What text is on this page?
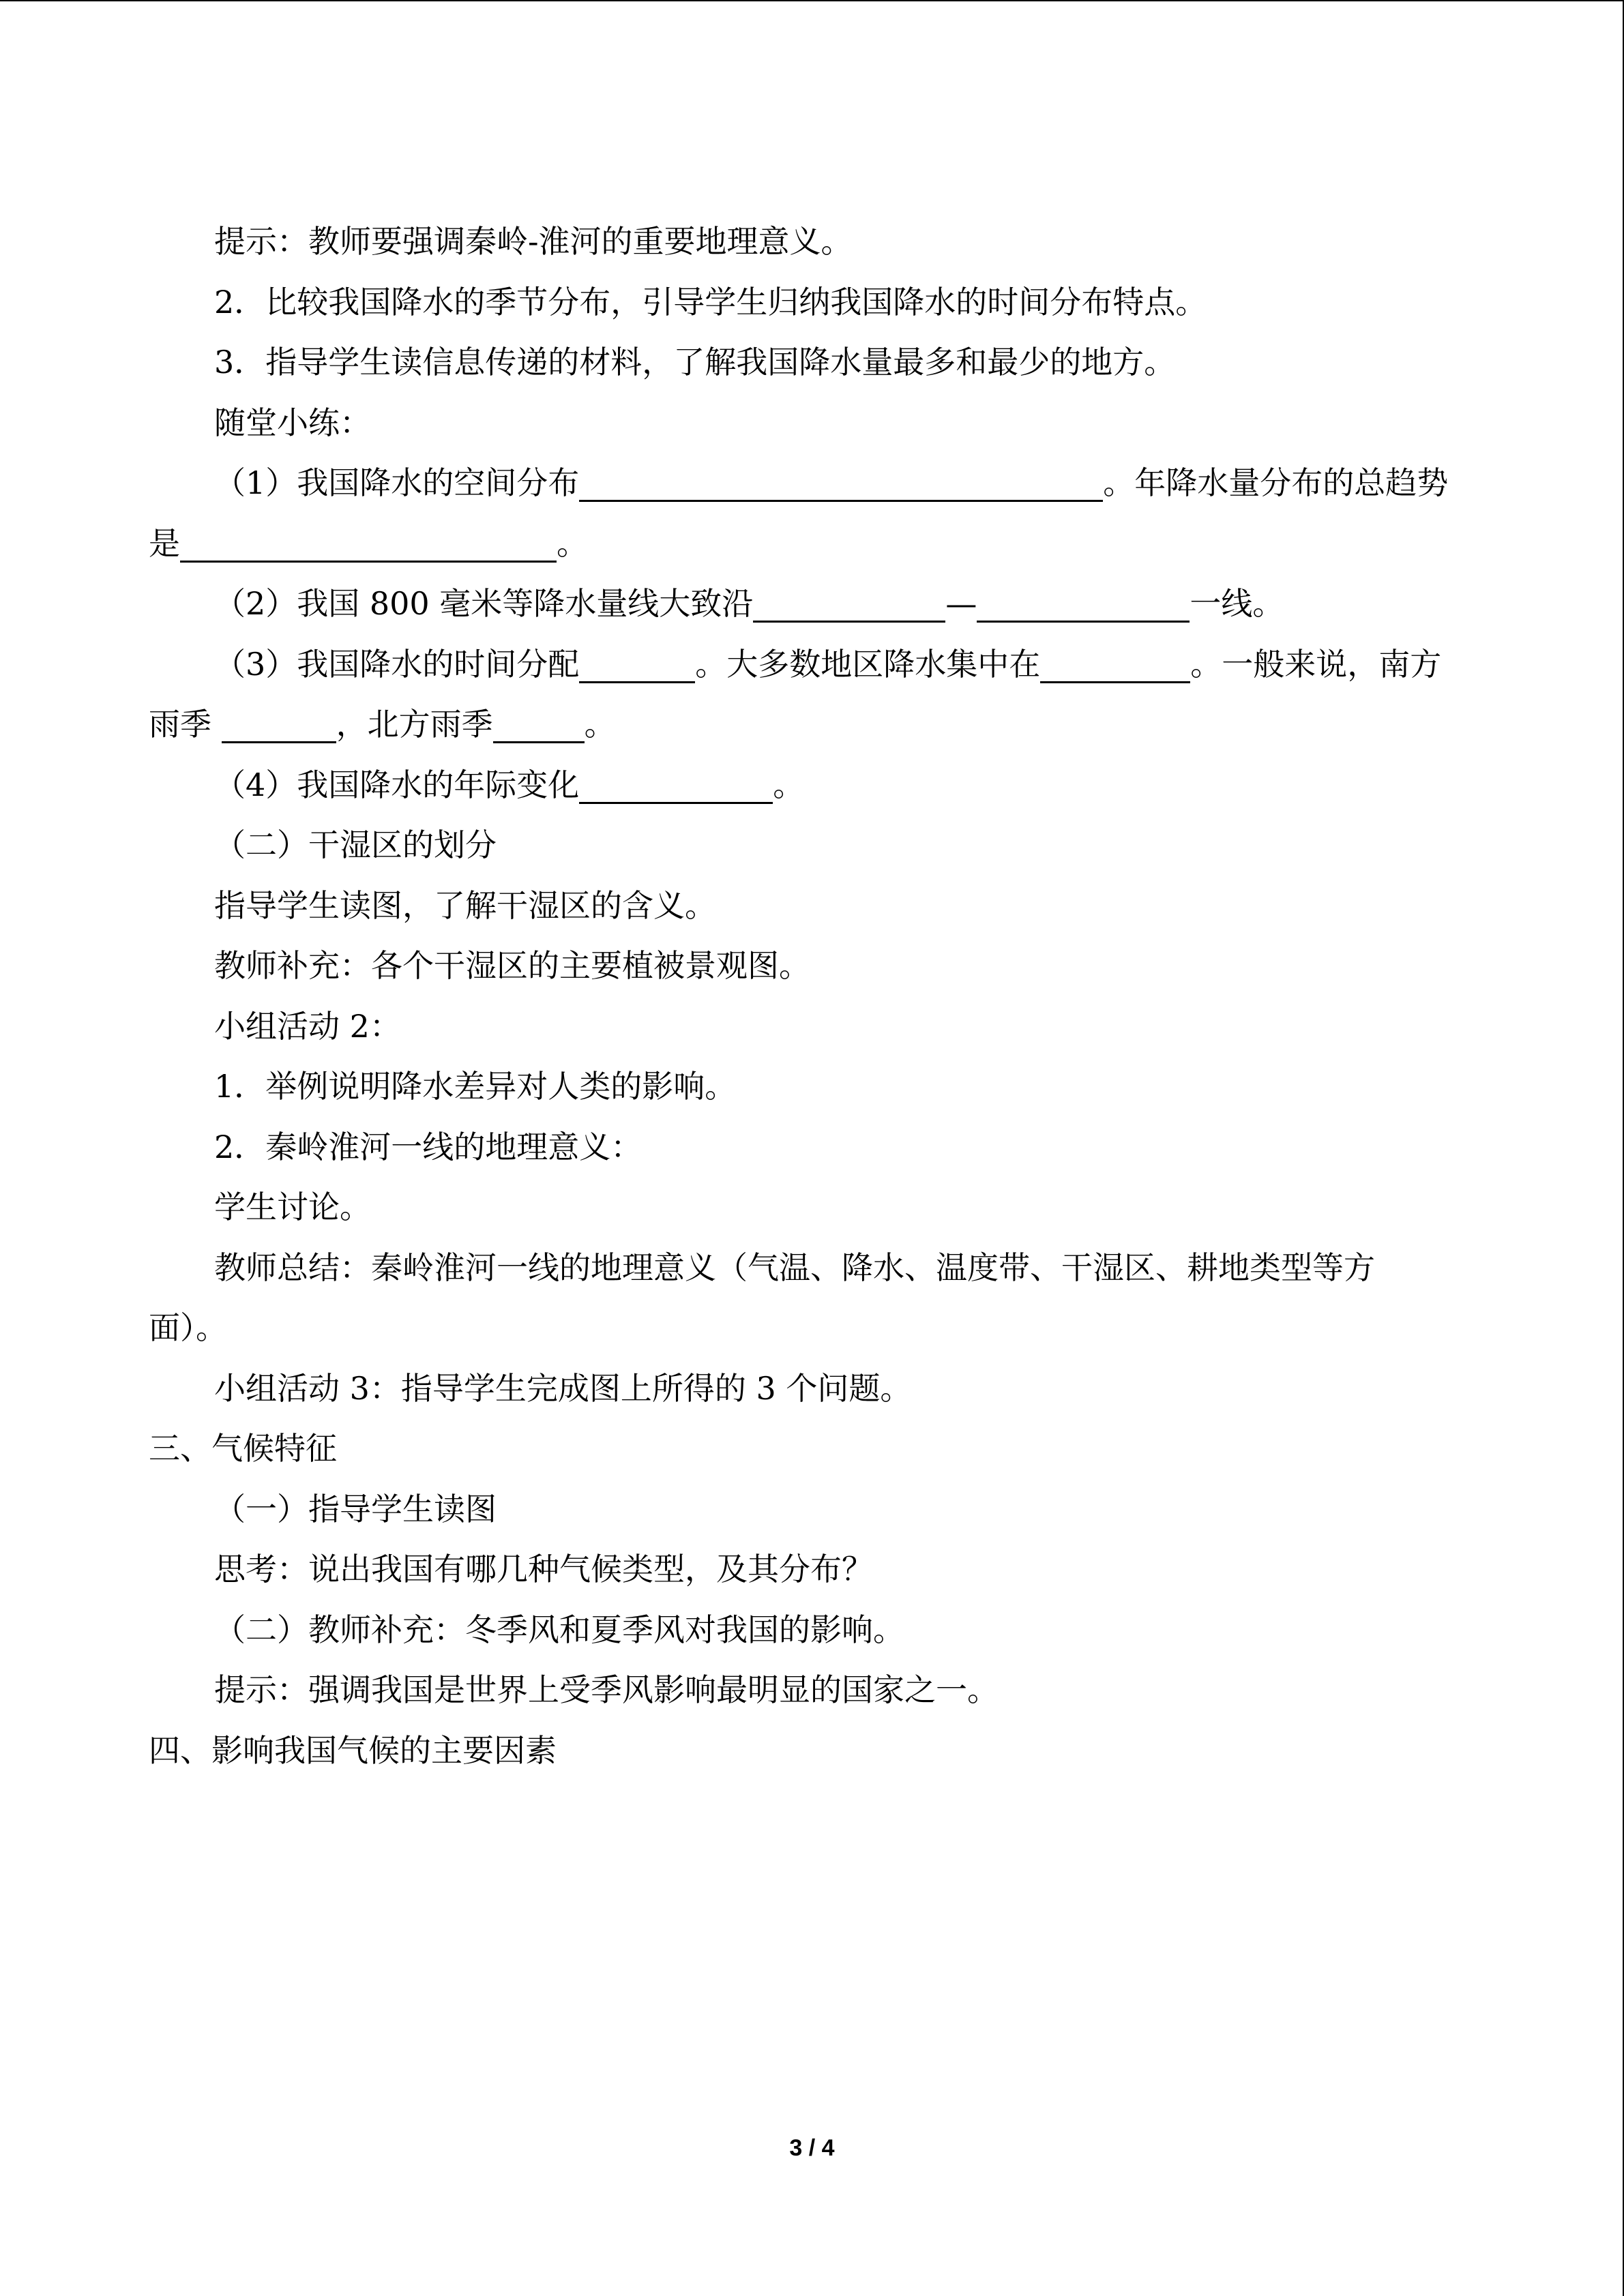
提示：教师要强调秦岭-淮河的重要地理意义。
2．比较我国降水的季节分布，引导学生归纳我国降水的时间分布特点。
3．指导学生读信息传递的材料，了解我国降水量最多和最少的地方。
随堂小练：
（1）我国降水的空间分布	。年降水量分布的总趋势
是	。
（2）我国 800 毫米等降水量线大致沿	—	一线。
（3）我国降水的时间分配	。大多数地区降水集中在	。一般来说，南方
雨季	，北方雨季	。
（4）我国降水的年际变化	。
（二）干湿区的划分
指导学生读图，了解干湿区的含义。
教师补充：各个干湿区的主要植被景观图。
小组活动 2：
1．举例说明降水差异对人类的影响。
2．秦岭淮河一线的地理意义：
学生讨论。
教师总结：秦岭淮河一线的地理意义（气温、降水、温度带、干湿区、耕地类型等方
面）。
小组活动 3：指导学生完成图上所得的 3 个问题。
三、气候特征
（一）指导学生读图
思考：说出我国有哪几种气候类型，及其分布？
（二）教师补充：冬季风和夏季风对我国的影响。
提示：强调我国是世界上受季风影响最明显的国家之一。
四、影响我国气候的主要因素
3 / 4
